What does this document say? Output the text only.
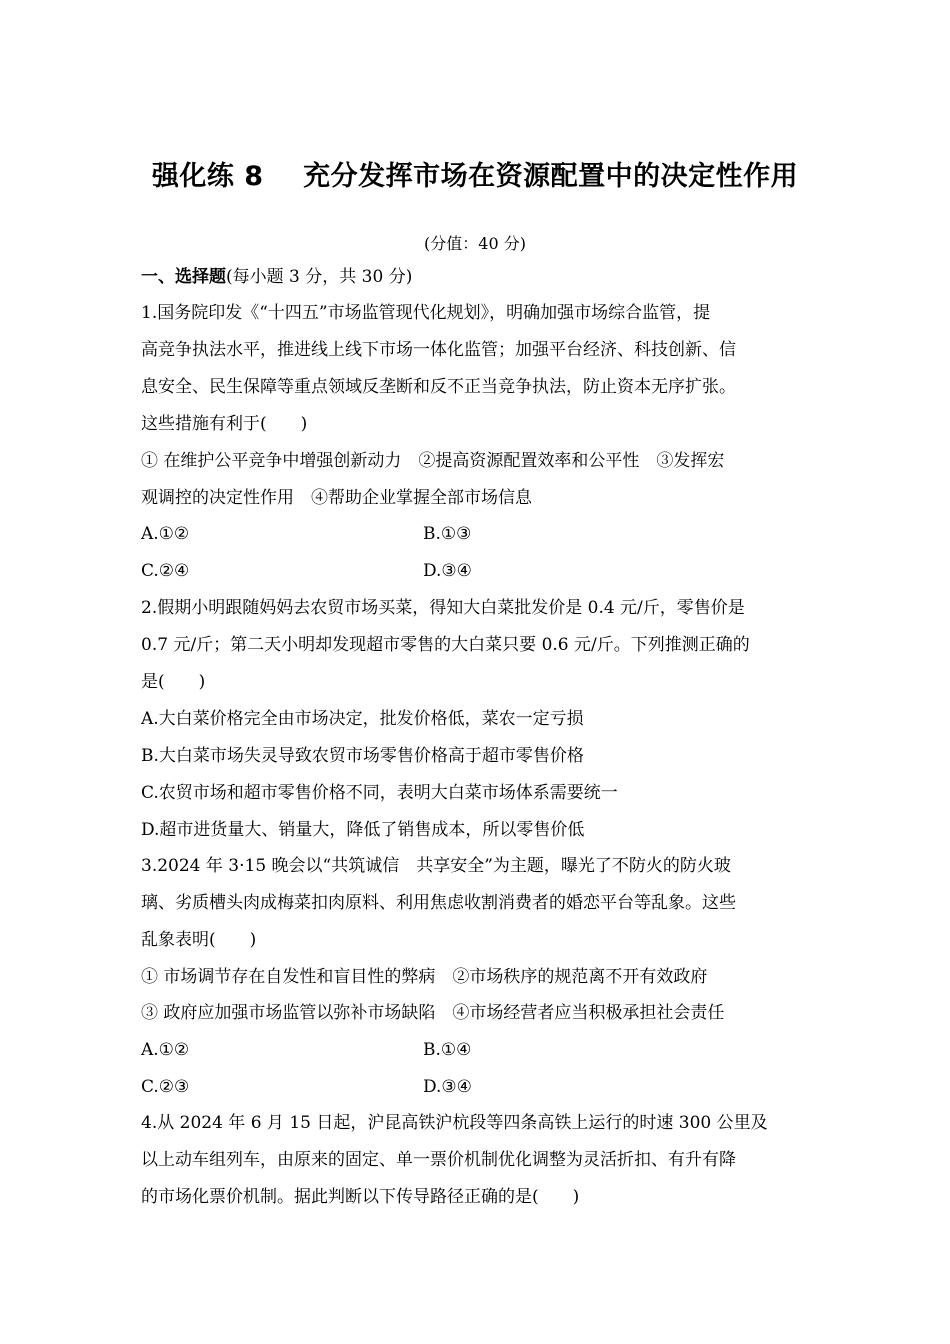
强化练 8    充分发挥市场在资源配置中的决定性作用
(分值：40 分)
一、选择题(每小题 3 分，共 30 分)
1.国务院印发《“十四五”市场监管现代化规划》，明确加强市场综合监管，提
高竞争执法水平，推进线上线下市场一体化监管；加强平台经济、科技创新、信
息安全、民生保障等重点领域反垄断和反不正当竞争执法，防止资本无序扩张。
这些措施有利于(　　)
① 在维护公平竞争中增强创新动力　②提高资源配置效率和公平性　③发挥宏
观调控的决定性作用　④帮助企业掌握全部市场信息
A.①②	B.①③
C.②④	D.③④
2.假期小明跟随妈妈去农贸市场买菜，得知大白菜批发价是 0.4 元/斤，零售价是
0.7 元/斤；第二天小明却发现超市零售的大白菜只要 0.6 元/斤。下列推测正确的
是(　　)
A.大白菜价格完全由市场决定，批发价格低，菜农一定亏损
B.大白菜市场失灵导致农贸市场零售价格高于超市零售价格
C.农贸市场和超市零售价格不同，表明大白菜市场体系需要统一
D.超市进货量大、销量大，降低了销售成本，所以零售价低
3.2024 年 3·15 晚会以“共筑诚信　共享安全”为主题，曝光了不防火的防火玻
璃、劣质槽头肉成梅菜扣肉原料、利用焦虑收割消费者的婚恋平台等乱象。这些
乱象表明(　　)
① 市场调节存在自发性和盲目性的弊病　②市场秩序的规范离不开有效政府
③ 政府应加强市场监管以弥补市场缺陷　④市场经营者应当积极承担社会责任
A.①②	B.①④
C.②③	D.③④
4.从 2024 年 6 月 15 日起，沪昆高铁沪杭段等四条高铁上运行的时速 300 公里及
以上动车组列车，由原来的固定、单一票价机制优化调整为灵活折扣、有升有降
的市场化票价机制。据此判断以下传导路径正确的是(　　)
